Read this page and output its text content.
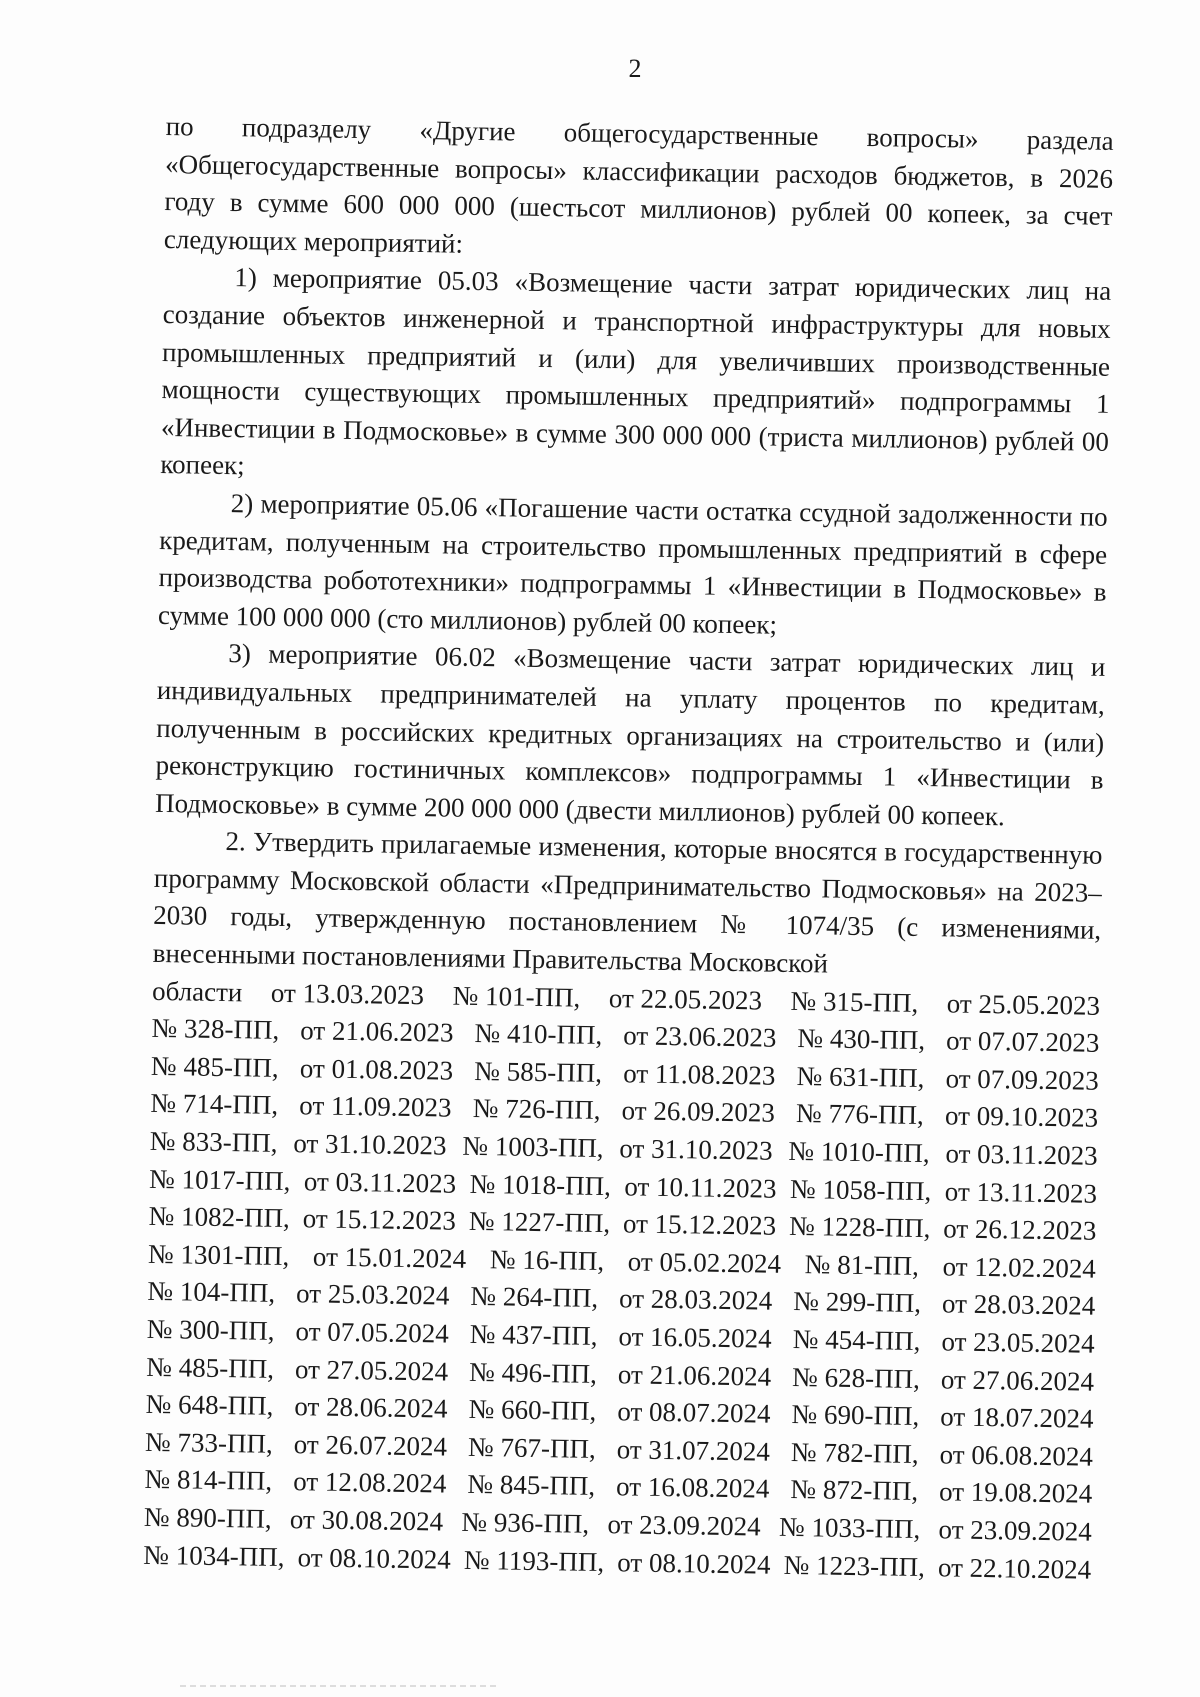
2

по подразделу «Другие общегосударственные вопросы» раздела «Общегосударственные вопросы» классификации расходов бюджетов, в 2026 году в сумме 600 000 000 (шестьсот миллионов) рублей 00 копеек, за счет следующих мероприятий:

1) мероприятие 05.03 «Возмещение части затрат юридических лиц на создание объектов инженерной и транспортной инфраструктуры для новых промышленных предприятий и (или) для увеличивших производственные мощности существующих промышленных предприятий» подпрограммы 1 «Инвестиции в Подмосковье» в сумме 300 000 000 (триста миллионов) рублей 00 копеек;

2) мероприятие 05.06 «Погашение части остатка ссудной задолженности по кредитам, полученным на строительство промышленных предприятий в сфере производства робототехники» подпрограммы 1 «Инвестиции в Подмосковье» в сумме 100 000 000 (сто миллионов) рублей 00 копеек;

3) мероприятие 06.02 «Возмещение части затрат юридических лиц и индивидуальных предпринимателей на уплату процентов по кредитам, полученным в российских кредитных организациях на строительство и (или) реконструкцию гостиничных комплексов» подпрограммы 1 «Инвестиции в Подмосковье» в сумме 200 000 000 (двести миллионов) рублей 00 копеек.

2. Утвердить прилагаемые изменения, которые вносятся в государственную программу Московской области «Предпринимательство Подмосковья» на 2023–2030 годы, утвержденную постановлением № 1074/35 (с изменениями, внесенными постановлениями Правительства Московской

области от 13.03.2023 № 101-ПП, от 22.05.2023 № 315-ПП, от 25.05.2023
№ 328-ПП, от 21.06.2023 № 410-ПП, от 23.06.2023 № 430-ПП, от 07.07.2023
№ 485-ПП, от 01.08.2023 № 585-ПП, от 11.08.2023 № 631-ПП, от 07.09.2023
№ 714-ПП, от 11.09.2023 № 726-ПП, от 26.09.2023 № 776-ПП, от 09.10.2023
№ 833-ПП, от 31.10.2023 № 1003-ПП, от 31.10.2023 № 1010-ПП, от 03.11.2023
№ 1017-ПП, от 03.11.2023 № 1018-ПП, от 10.11.2023 № 1058-ПП, от 13.11.2023
№ 1082-ПП, от 15.12.2023 № 1227-ПП, от 15.12.2023 № 1228-ПП, от 26.12.2023
№ 1301-ПП, от 15.01.2024 № 16-ПП, от 05.02.2024 № 81-ПП, от 12.02.2024
№ 104-ПП, от 25.03.2024 № 264-ПП, от 28.03.2024 № 299-ПП, от 28.03.2024
№ 300-ПП, от 07.05.2024 № 437-ПП, от 16.05.2024 № 454-ПП, от 23.05.2024
№ 485-ПП, от 27.05.2024 № 496-ПП, от 21.06.2024 № 628-ПП, от 27.06.2024
№ 648-ПП, от 28.06.2024 № 660-ПП, от 08.07.2024 № 690-ПП, от 18.07.2024
№ 733-ПП, от 26.07.2024 № 767-ПП, от 31.07.2024 № 782-ПП, от 06.08.2024
№ 814-ПП, от 12.08.2024 № 845-ПП, от 16.08.2024 № 872-ПП, от 19.08.2024
№ 890-ПП, от 30.08.2024 № 936-ПП, от 23.09.2024 № 1033-ПП, от 23.09.2024
№ 1034-ПП, от 08.10.2024 № 1193-ПП, от 08.10.2024 № 1223-ПП, от 22.10.2024
